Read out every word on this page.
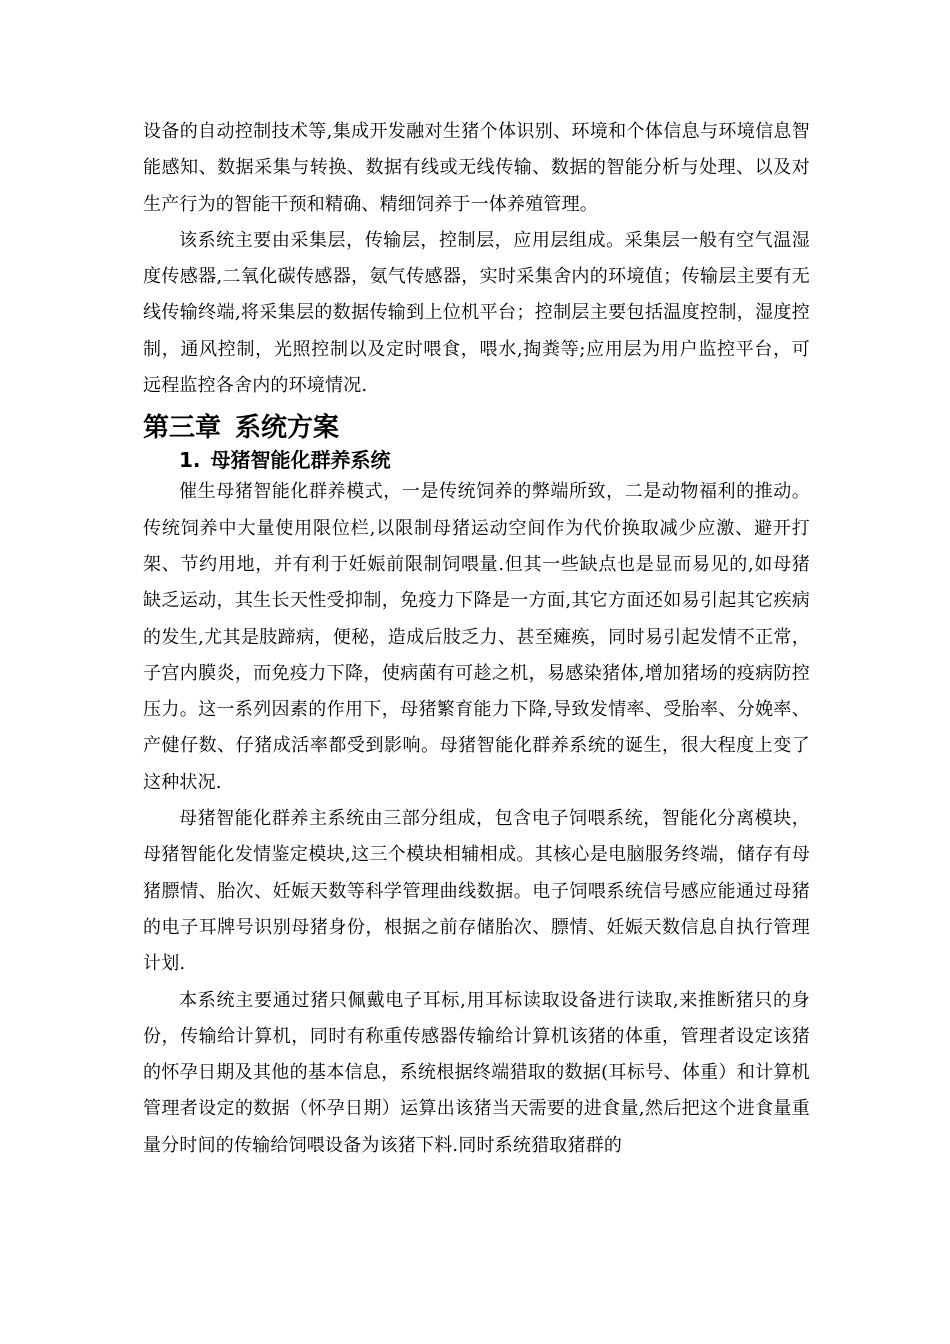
设备的自动控制技术等,集成开发融对生猪个体识别、环境和个体信息与环境信息智能感知、数据采集与转换、数据有线或无线传输、数据的智能分析与处理、以及对生产行为的智能干预和精确、精细饲养于一体养殖管理。

该系统主要由采集层，传输层，控制层，应用层组成。采集层一般有空气温湿度传感器,二氧化碳传感器，氨气传感器，实时采集舍内的环境值；传输层主要有无线传输终端,将采集层的数据传输到上位机平台；控制层主要包括温度控制，湿度控制，通风控制，光照控制以及定时喂食，喂水,掏粪等;应用层为用户监控平台，可远程监控各舍内的环境情况.

第三章 系统方案
1. 母猪智能化群养系统

催生母猪智能化群养模式，一是传统饲养的弊端所致，二是动物福利的推动。传统饲养中大量使用限位栏,以限制母猪运动空间作为代价换取减少应激、避开打架、节约用地，并有利于妊娠前限制饲喂量.但其一些缺点也是显而易见的,如母猪缺乏运动，其生长天性受抑制，免疫力下降是一方面,其它方面还如易引起其它疾病的发生,尤其是肢蹄病，便秘，造成后肢乏力、甚至瘫痪，同时易引起发情不正常，子宫内膜炎，而免疫力下降，使病菌有可趁之机，易感染猪体,增加猪场的疫病防控压力。这一系列因素的作用下，母猪繁育能力下降,导致发情率、受胎率、分娩率、产健仔数、仔猪成活率都受到影响。母猪智能化群养系统的诞生，很大程度上变了这种状况.

母猪智能化群养主系统由三部分组成，包含电子饲喂系统，智能化分离模块，母猪智能化发情鉴定模块,这三个模块相辅相成。其核心是电脑服务终端，储存有母猪膘情、胎次、妊娠天数等科学管理曲线数据。电子饲喂系统信号感应能通过母猪的电子耳牌号识别母猪身份，根据之前存储胎次、膘情、妊娠天数信息自执行管理计划.

本系统主要通过猪只佩戴电子耳标,用耳标读取设备进行读取,来推断猪只的身份，传输给计算机，同时有称重传感器传输给计算机该猪的体重，管理者设定该猪的怀孕日期及其他的基本信息，系统根据终端猎取的数据(耳标号、体重）和计算机管理者设定的数据（怀孕日期）运算出该猪当天需要的进食量,然后把这个进食量重量分时间的传输给饲喂设备为该猪下料.同时系统猎取猪群的
